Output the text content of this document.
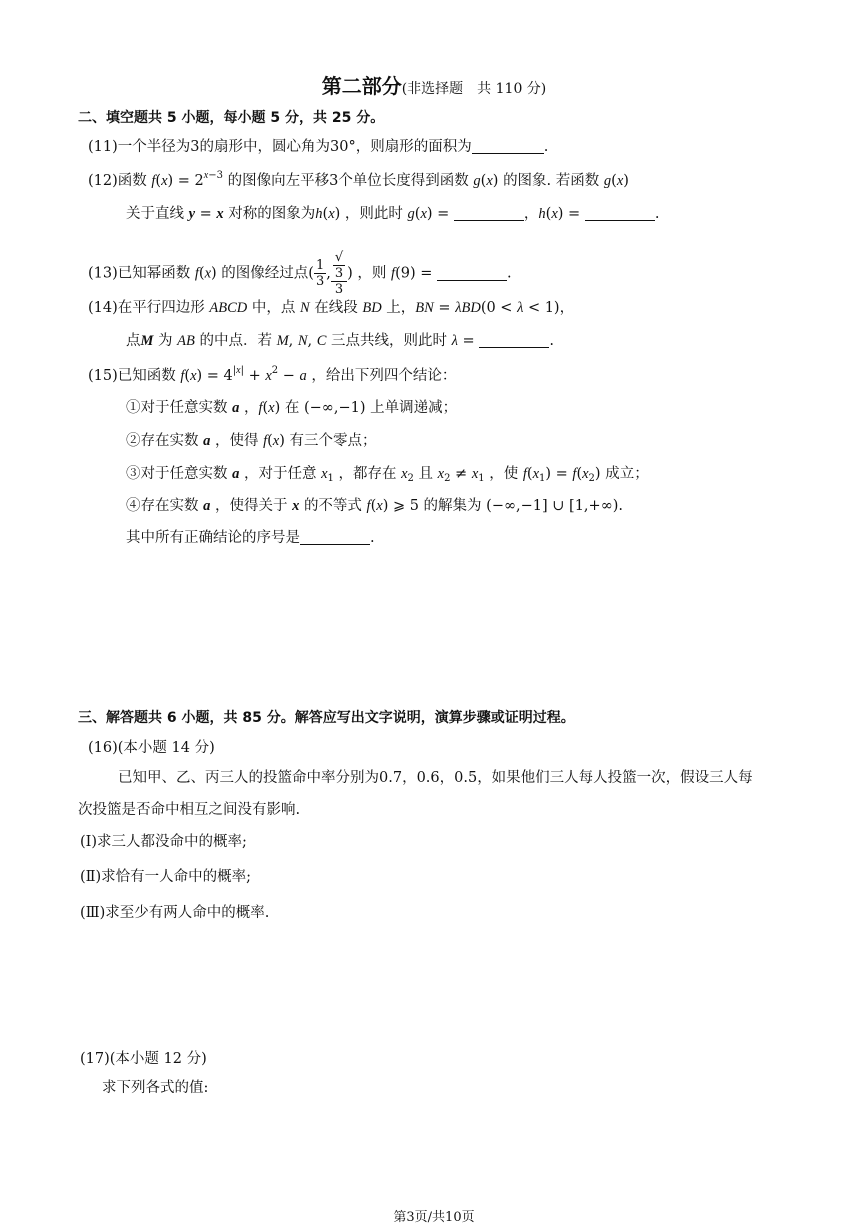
第二部分(非选择题　共 110 分)
二、填空题共 5 小题，每小题 5 分，共 25 分。
(11)一个半径为3的扇形中，圆心角为30°，则扇形的面积为	.
(12)函数 $f(x) = 2^{x-3}$ 的图像向左平移3个单位长度得到函数 g(x) 的图象. 若函数 g(x)
关于直线 y = x 对称的图象为h(x) ，则此时 g(x) =	，h(x) =	.
(13)已知幂函数 f(x) 的图像经过点( $\frac{1}{3}$ , √
3
3 ) ，则 f(9) =	.
(14)在平行四边形 ABCD 中，点 N 在线段 BD 上，BN = λBD(0 < λ < 1)，
点M 为 AB 的中点．若 M, N, C 三点共线，则此时 λ =	.
(15)已知函数 $f(x) = 4^{|x|} + x^2 - a$ ，给出下列四个结论：
①对于任意实数 a ，f(x) 在 (−∞,−1) 上单调递减；
②存在实数 a ，使得 f(x) 有三个零点；
③对于任意实数 a ，对于任意 $x_1$ ，都存在 $x_2$ 且 $x_2 \ne x_1$ ，使 $f(x_1) = f(x_2)$ 成立；
④存在实数 a ，使得关于 x 的不等式 f(x) ⩾ 5 的解集为 (−∞,−1] ∪ [1,+∞).
其中所有正确结论的序号是	.
三、解答题共 6 小题，共 85 分。解答应写出文字说明，演算步骤或证明过程。
(16)(本小题 14 分)
已知甲、乙、丙三人的投篮命中率分别为0.7，0.6，0.5，如果他们三人每人投篮一次，假设三人每
次投篮是否命中相互之间没有影响.
(Ⅰ)求三人都没命中的概率;
(Ⅱ)求恰有一人命中的概率;
(Ⅲ)求至少有两人命中的概率.
(17)(本小题 12 分)
求下列各式的值:
第3页/共10页
